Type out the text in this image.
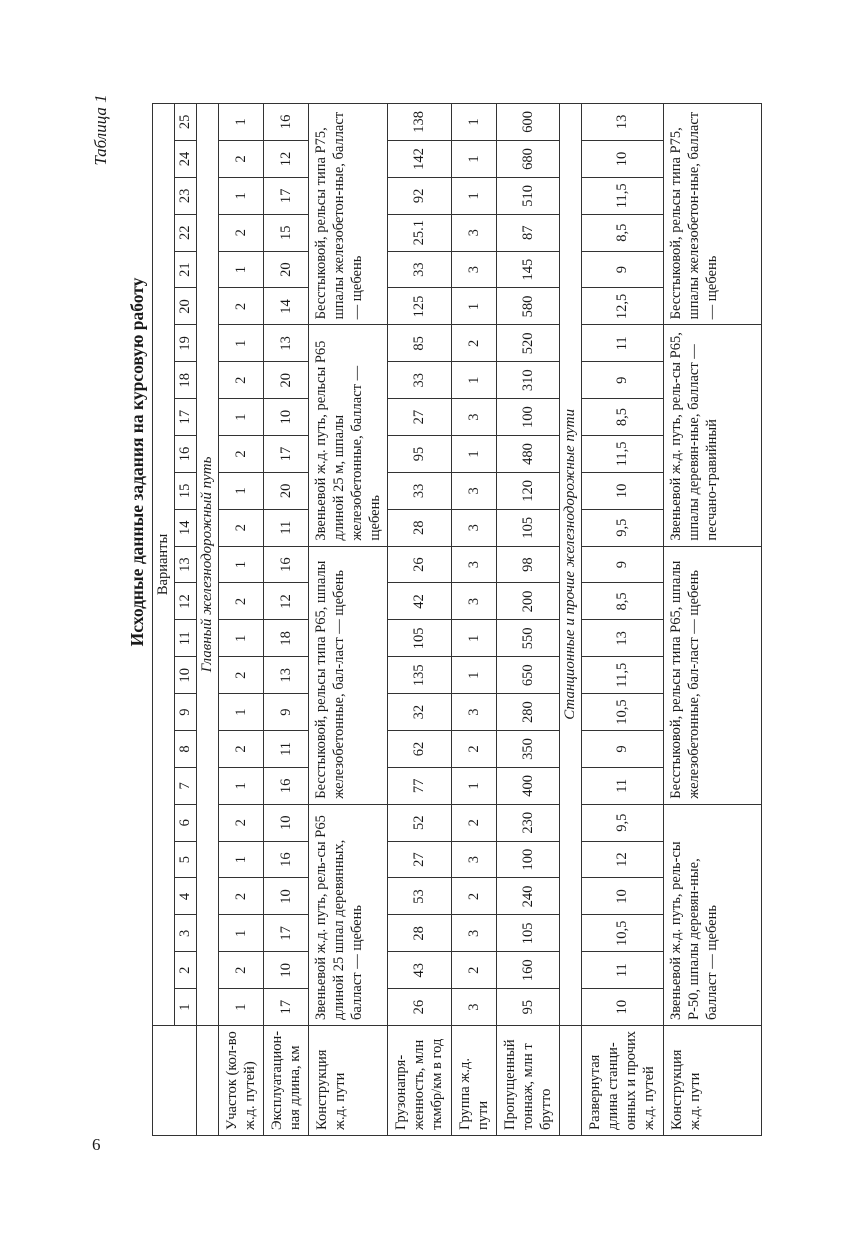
6
Таблица 1
Исходные данные задания на курсовую работу
	Варианты																								
	1	2	3	4	5	6	7	8	9	10	11	12	13	14	15	16	17	18	19	20	21	22	23	24	25
	Главный железнодорожный путь																								
Участок (кол-во ж.д. путей)	1	2	1	2	1	2	1	2	1	2	1	2	1	2	1	2	1	2	1	2	1	2	1	2	1
Эксплуатацион-ная длина, км	17	10	17	10	16	10	16	11	9	13	18	12	16	11	20	17	10	20	13	14	20	15	17	12	16
Конструкция ж.д. пути	Звеньевой ж.д. путь, рель-сы Р65 длиной 25 шпал деревянных, балласт — щебень						Бесстыковой, рельсы типа Р65, шпалы железобетонные, бал-ласт — щебень							Звеньевой ж.д. путь, рельсы Р65 длиной 25 м, шпалы железобетонные, балласт — щебень						Бесстыковой, рельсы типа Р75, шпалы железобетон-ные, балласт — щебень					
Грузонапря-женность, млн ткмбр/км в год	26	43	28	53	27	52	77	62	32	135	105	42	26	28	33	95	27	33	85	125	33	25.1	92	142	138
Группа ж.д. пути	3	2	3	2	3	2	1	2	3	1	1	3	3	3	3	1	3	1	2	1	3	3	1	1	1
Пропущенный тоннаж, млн т брутто	95	160	105	240	100	230	400	350	280	650	550	200	98	105	120	480	100	310	520	580	145	87	510	680	600
	Станционные и прочие железнодорожные пути																								
Развернутая длина станци-онных и прочих ж.д. путей	10	11	10,5	10	12	9,5	11	9	10,5	11,5	13	8,5	9	9,5	10	11,5	8,5	9	11	12,5	9	8,5	11,5	10	13
Конструкция ж.д. пути	Звеньевой ж.д. путь, рель-сы Р-50, шпалы деревян-ные, балласт — щебень						Бесстыковой, рельсы типа Р65, шпалы железобетонные, бал-ласт — щебень							Звеньевой ж.д. путь, рель-сы Р65, шпалы деревян-ные, балласт — песчано-гравийный						Бесстыковой, рельсы типа Р75, шпалы железобетон-ные, балласт — щебень					
